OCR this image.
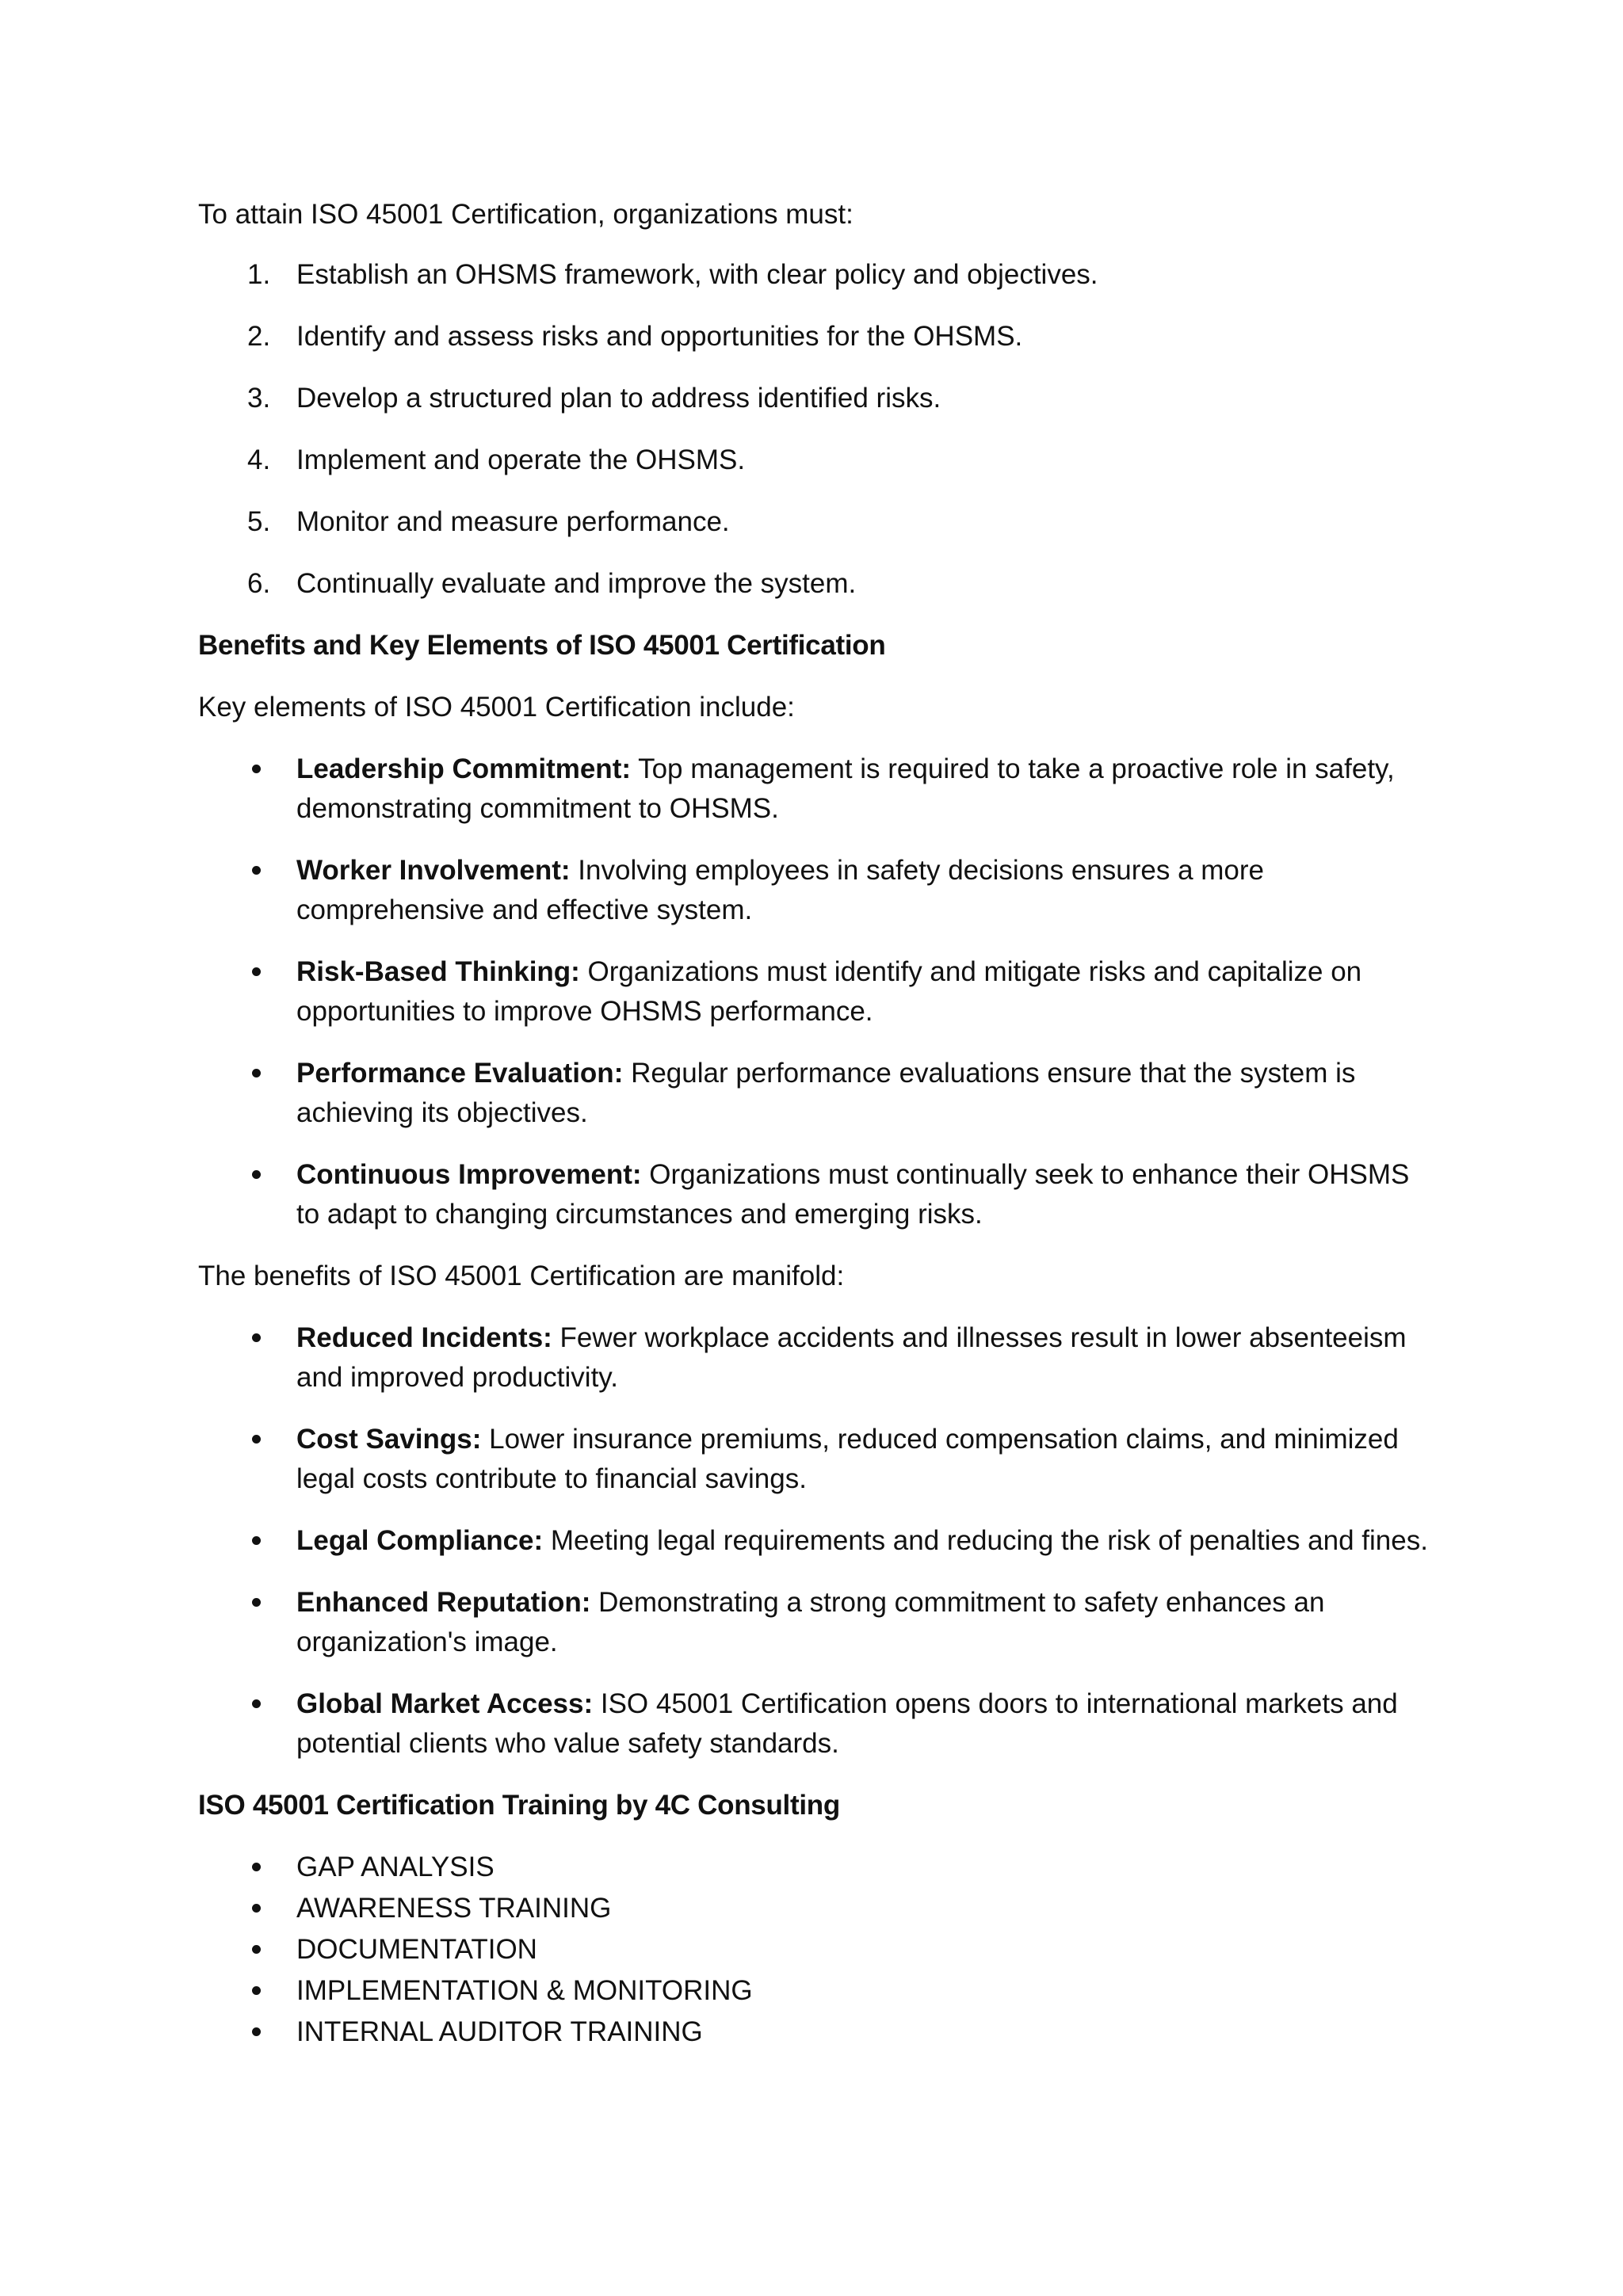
To attain ISO 45001 Certification, organizations must:

1. Establish an OHSMS framework, with clear policy and objectives.
2. Identify and assess risks and opportunities for the OHSMS.
3. Develop a structured plan to address identified risks.
4. Implement and operate the OHSMS.
5. Monitor and measure performance.
6. Continually evaluate and improve the system.

Benefits and Key Elements of ISO 45001 Certification

Key elements of ISO 45001 Certification include:

Leadership Commitment: Top management is required to take a proactive role in safety, demonstrating commitment to OHSMS.
Worker Involvement: Involving employees in safety decisions ensures a more comprehensive and effective system.
Risk-Based Thinking: Organizations must identify and mitigate risks and capitalize on opportunities to improve OHSMS performance.
Performance Evaluation: Regular performance evaluations ensure that the system is achieving its objectives.
Continuous Improvement: Organizations must continually seek to enhance their OHSMS to adapt to changing circumstances and emerging risks.

The benefits of ISO 45001 Certification are manifold:

Reduced Incidents: Fewer workplace accidents and illnesses result in lower absenteeism and improved productivity.
Cost Savings: Lower insurance premiums, reduced compensation claims, and minimized legal costs contribute to financial savings.
Legal Compliance: Meeting legal requirements and reducing the risk of penalties and fines.
Enhanced Reputation: Demonstrating a strong commitment to safety enhances an organization's image.
Global Market Access: ISO 45001 Certification opens doors to international markets and potential clients who value safety standards.

ISO 45001 Certification Training by 4C Consulting

GAP ANALYSIS
AWARENESS TRAINING
DOCUMENTATION
IMPLEMENTATION & MONITORING
INTERNAL AUDITOR TRAINING
